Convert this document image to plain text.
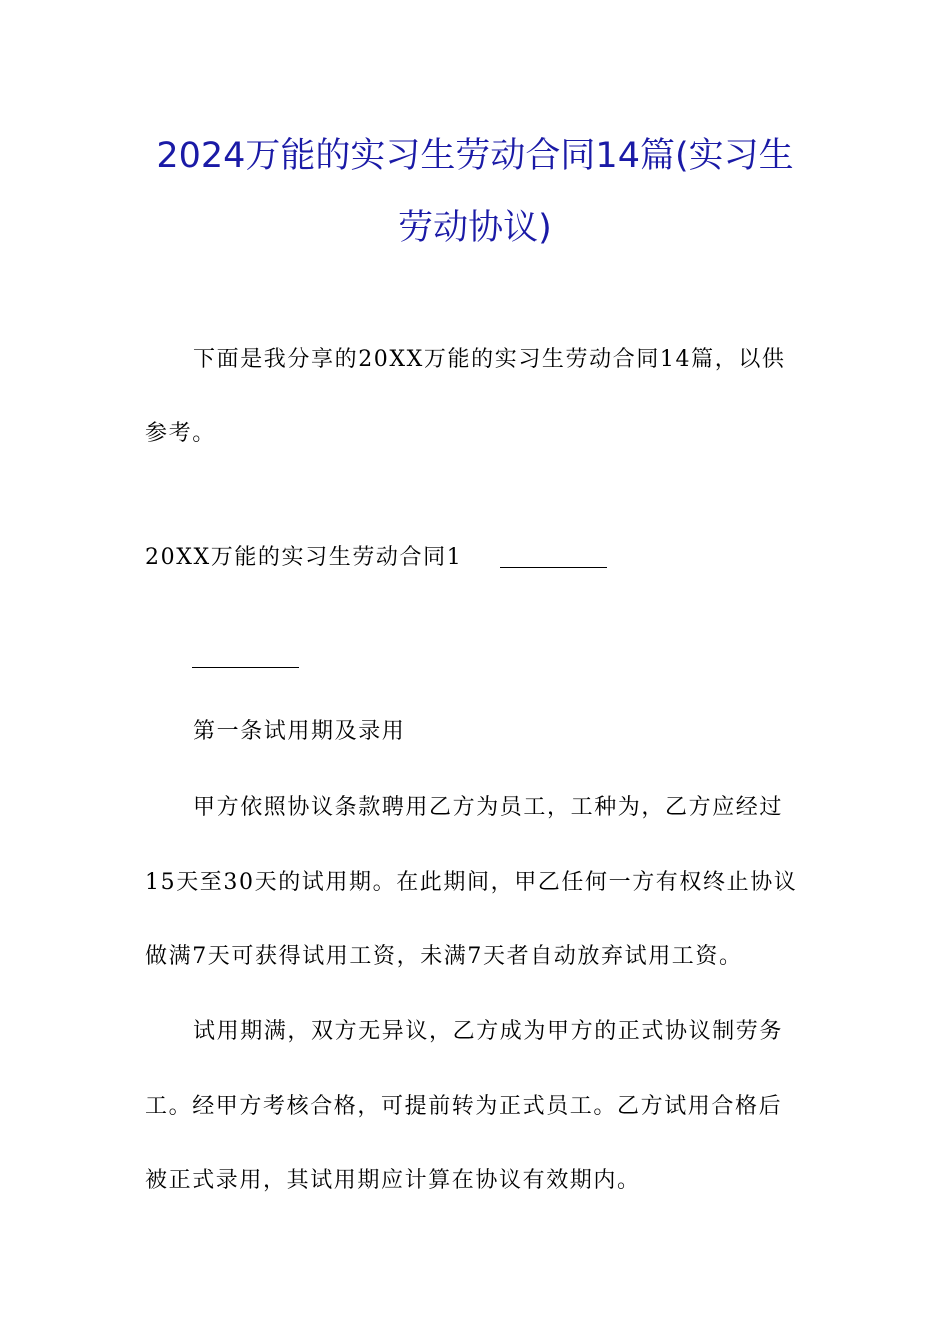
2024万能的实习生劳动合同14篇(实习生
劳动协议)
下面是我分享的20XX万能的实习生劳动合同14篇，以供
参考。
20XX万能的实习生劳动合同1
第一条试用期及录用
甲方依照协议条款聘用乙方为员工，工种为，乙方应经过
15天至30天的试用期。在此期间，甲乙任何一方有权终止协议
做满7天可获得试用工资，未满7天者自动放弃试用工资。
试用期满，双方无异议，乙方成为甲方的正式协议制劳务
工。经甲方考核合格，可提前转为正式员工。乙方试用合格后
被正式录用，其试用期应计算在协议有效期内。
